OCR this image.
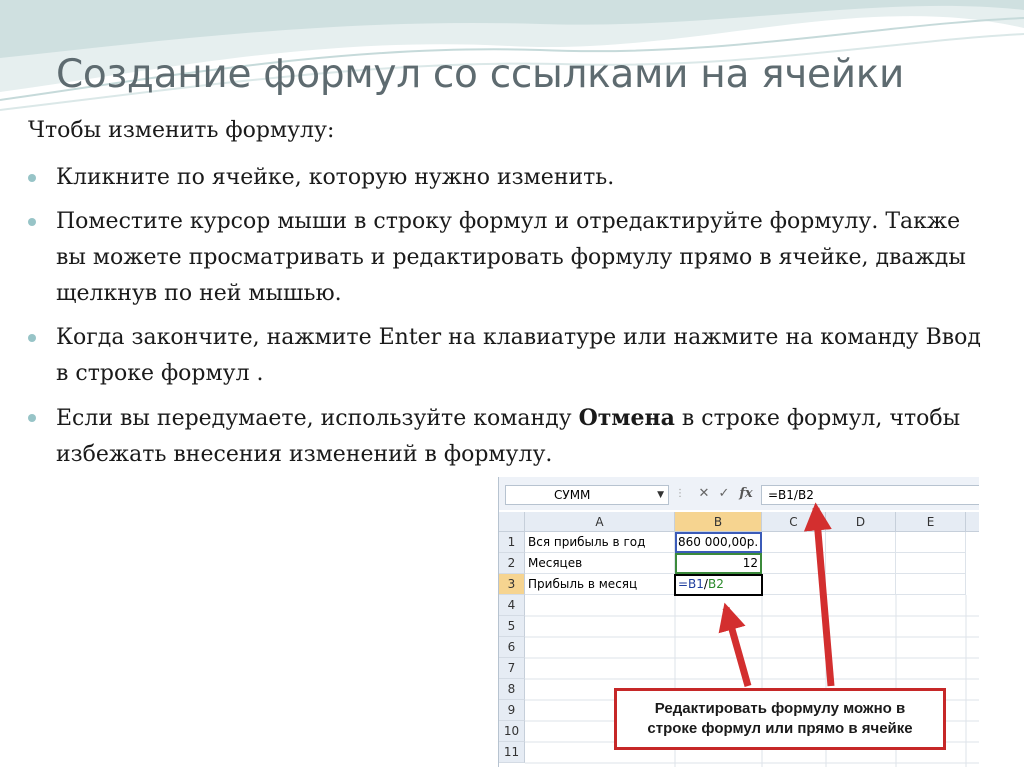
Создание формул со ссылками на ячейки

Чтобы изменить формулу:

Кликните по ячейке, которую нужно изменить.
Поместите курсор мыши в строку формул и отредактируйте формулу. Также вы можете просматривать и редактировать формулу прямо в ячейке, дважды щелкнув по ней мышью.
Когда закончите, нажмите Enter на клавиатуре или нажмите на команду Ввод в строке формул .
Если вы передумаете, используйте команду Отмена в строке формул, чтобы избежать внесения изменений в формулу.
СУММ	▼	⋮	✕ ✓ fx	=B1/B2
A	B	C	D	E
1	Вся прибыль в год	860 000,00р.
2	Месяцев	12
3	Прибыль в месяц	=B1/B2
4
5
6
7
8
9
10
11
Редактировать формулу можно в
строке формул или прямо в ячейке
